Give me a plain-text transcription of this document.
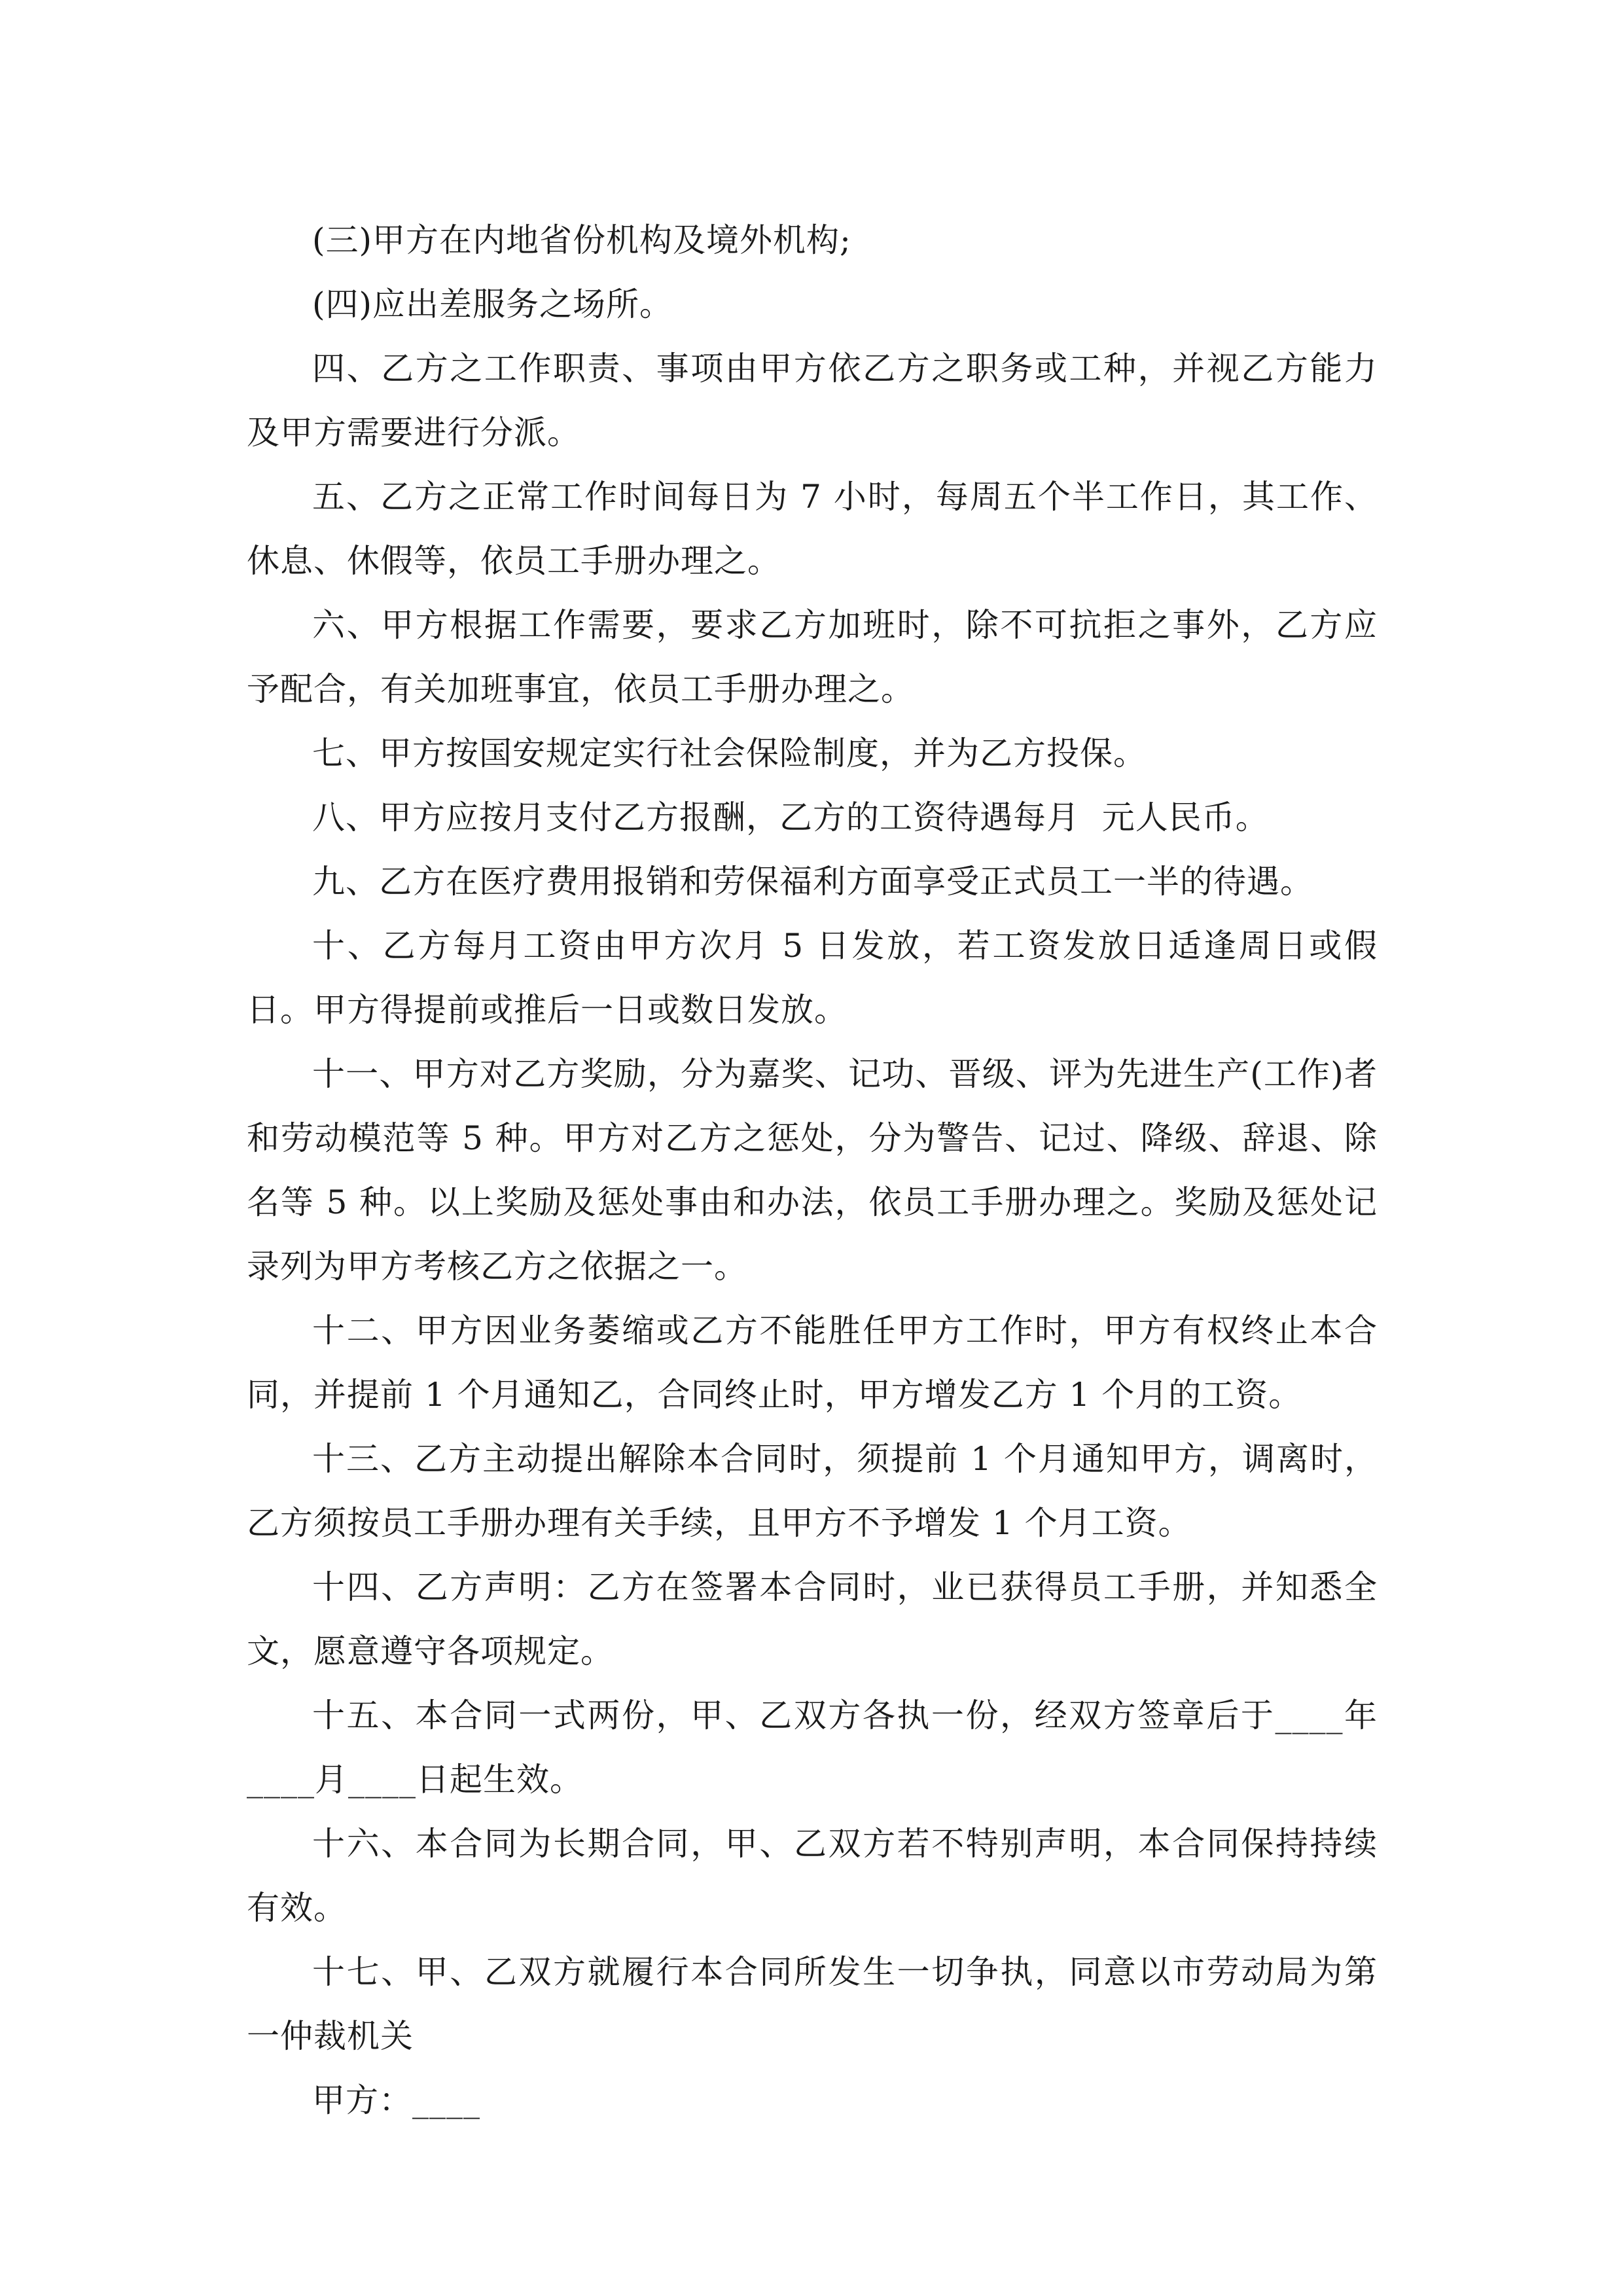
(三)甲方在内地省份机构及境外机构;

(四)应出差服务之场所。

四、乙方之工作职责、事项由甲方依乙方之职务或工种，并视乙方能力及甲方需要进行分派。

五、乙方之正常工作时间每日为 7 小时，每周五个半工作日，其工作、休息、休假等，依员工手册办理之。

六、甲方根据工作需要，要求乙方加班时，除不可抗拒之事外，乙方应予配合，有关加班事宜，依员工手册办理之。

七、甲方按国安规定实行社会保险制度，并为乙方投保。

八、甲方应按月支付乙方报酬，乙方的工资待遇每月  元人民币。

九、乙方在医疗费用报销和劳保福利方面享受正式员工一半的待遇。

十、乙方每月工资由甲方次月 5 日发放，若工资发放日适逢周日或假日。甲方得提前或推后一日或数日发放。

十一、甲方对乙方奖励，分为嘉奖、记功、晋级、评为先进生产(工作)者和劳动模范等 5 种。甲方对乙方之惩处，分为警告、记过、降级、辞退、除名等 5 种。以上奖励及惩处事由和办法，依员工手册办理之。奖励及惩处记录列为甲方考核乙方之依据之一。

十二、甲方因业务萎缩或乙方不能胜任甲方工作时，甲方有权终止本合同，并提前 1 个月通知乙，合同终止时，甲方增发乙方 1 个月的工资。

十三、乙方主动提出解除本合同时，须提前 1 个月通知甲方，调离时，乙方须按员工手册办理有关手续，且甲方不予增发 1 个月工资。

十四、乙方声明：乙方在签署本合同时，业已获得员工手册，并知悉全文，愿意遵守各项规定。

十五、本合同一式两份，甲、乙双方各执一份，经双方签章后于____年____月____日起生效。

十六、本合同为长期合同，甲、乙双方若不特别声明，本合同保持持续有效。

十七、甲、乙双方就履行本合同所发生一切争执，同意以市劳动局为第一仲裁机关

甲方：____
